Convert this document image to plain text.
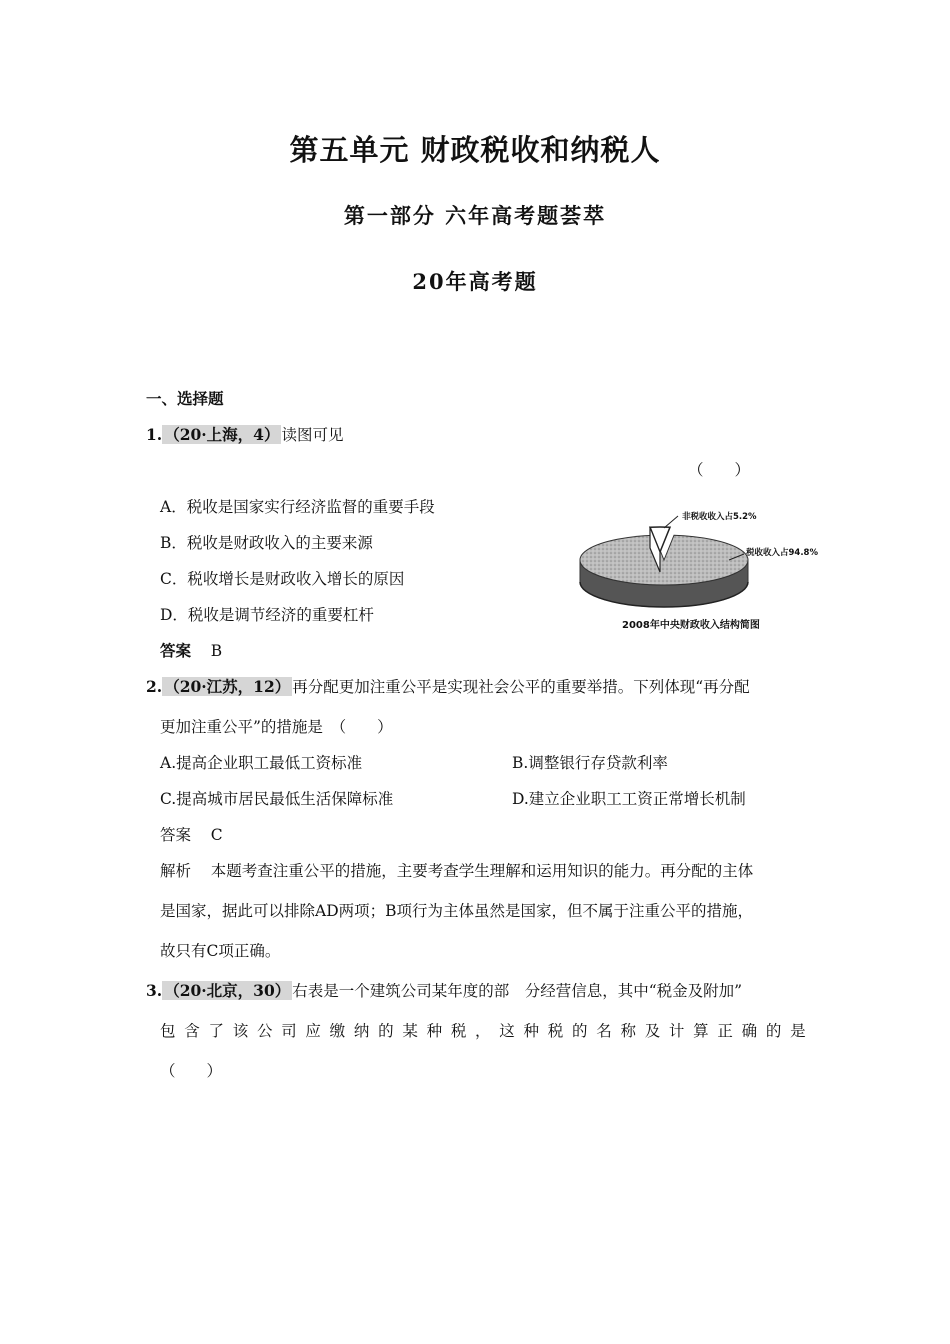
第五单元 财政税收和纳税人
第一部分 六年高考题荟萃
20年高考题
一、选择题
1. （20·上海，4） 读图可见
（　　）
A．税收是国家实行经济监督的重要手段
B．税收是财政收入的主要来源
C．税收增长是财政收入增长的原因
D．税收是调节经济的重要杠杆
答案 B
非税收收入占5.2%
税收收入占94.8%
2008年中央财政收入结构简图
2. （20·江苏，12） 再分配更加注重公平是实现社会公平的重要举措。下列体现“再分配
更加注重公平”的措施是　（　　）
A.提高企业职工最低工资标准	B.调整银行存贷款利率
C.提高城市居民最低生活保障标准	D.建立企业职工工资正常增长机制
答案 C
解析 本题考查注重公平的措施，主要考查学生理解和运用知识的能力。再分配的主体
是国家，据此可以排除AD两项；B项行为主体虽然是国家，但不属于注重公平的措施，
故只有C项正确。
3. （20·北京，30） 右表是一个建筑公司某年度的部　分经营信息，其中“税金及附加”
包 含 了 该 公 司 应 缴 纳 的 某 种 税 ， 这 种 税 的 名 称 及 计 算 正 确 的 是
（　　）
